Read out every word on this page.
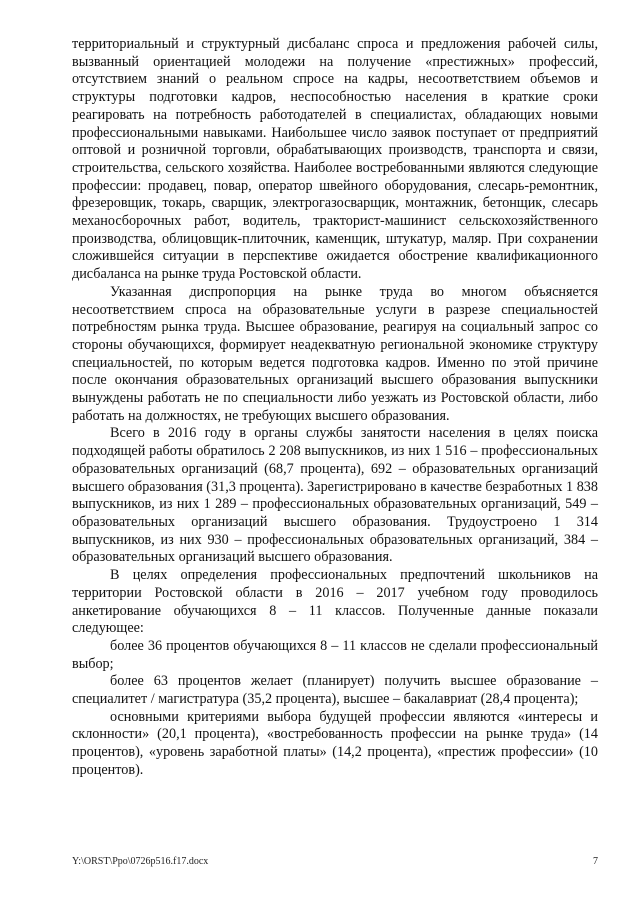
территориальный и структурный дисбаланс спроса и предложения рабочей силы, вызванный ориентацией молодежи на получение «престижных» профессий, отсутствием знаний о реальном спросе на кадры, несоответствием объемов и структуры подготовки кадров, неспособностью населения в краткие сроки реагировать на потребность работодателей в специалистах, обладающих новыми профессиональными навыками. Наибольшее число заявок поступает от предприятий оптовой и розничной торговли, обрабатывающих производств, транспорта и связи, строительства, сельского хозяйства. Наиболее востребованными являются следующие профессии: продавец, повар, оператор швейного оборудования, слесарь-ремонтник, фрезеровщик, токарь, сварщик, электрогазосварщик, монтажник, бетонщик, слесарь механосборочных работ, водитель, тракторист-машинист сельскохозяйственного производства, облицовщик-плиточник, каменщик, штукатур, маляр. При сохранении сложившейся ситуации в перспективе ожидается обострение квалификационного дисбаланса на рынке труда Ростовской области.

Указанная диспропорция на рынке труда во многом объясняется несоответствием спроса на образовательные услуги в разрезе специальностей потребностям рынка труда. Высшее образование, реагируя на социальный запрос со стороны обучающихся, формирует неадекватную региональной экономике структуру специальностей, по которым ведется подготовка кадров. Именно по этой причине после окончания образовательных организаций высшего образования выпускники вынуждены работать не по специальности либо уезжать из Ростовской области, либо работать на должностях, не требующих высшего образования.

Всего в 2016 году в органы службы занятости населения в целях поиска подходящей работы обратилось 2 208 выпускников, из них 1 516 – профессиональных образовательных организаций (68,7 процента), 692 – образовательных организаций высшего образования (31,3 процента). Зарегистрировано в качестве безработных 1 838 выпускников, из них 1 289 – профессиональных образовательных организаций, 549 – образовательных организаций высшего образования. Трудоустроено 1 314 выпускников, из них 930 – профессиональных образовательных организаций, 384 – образовательных организаций высшего образования.

В целях определения профессиональных предпочтений школьников на территории Ростовской области в 2016 – 2017 учебном году проводилось анкетирование обучающихся 8 – 11 классов. Полученные данные показали следующее:

более 36 процентов обучающихся 8 – 11 классов не сделали профессиональный выбор;

более 63 процентов желает (планирует) получить высшее образование – специалитет / магистратура (35,2 процента), высшее – бакалавриат (28,4 процента);

основными критериями выбора будущей профессии являются «интересы и склонности» (20,1 процента), «востребованность профессии на рынке труда» (14 процентов), «уровень заработной платы» (14,2 процента), «престиж профессии» (10 процентов).

Y:\ORST\Ppo\0726p516.f17.docx	7
